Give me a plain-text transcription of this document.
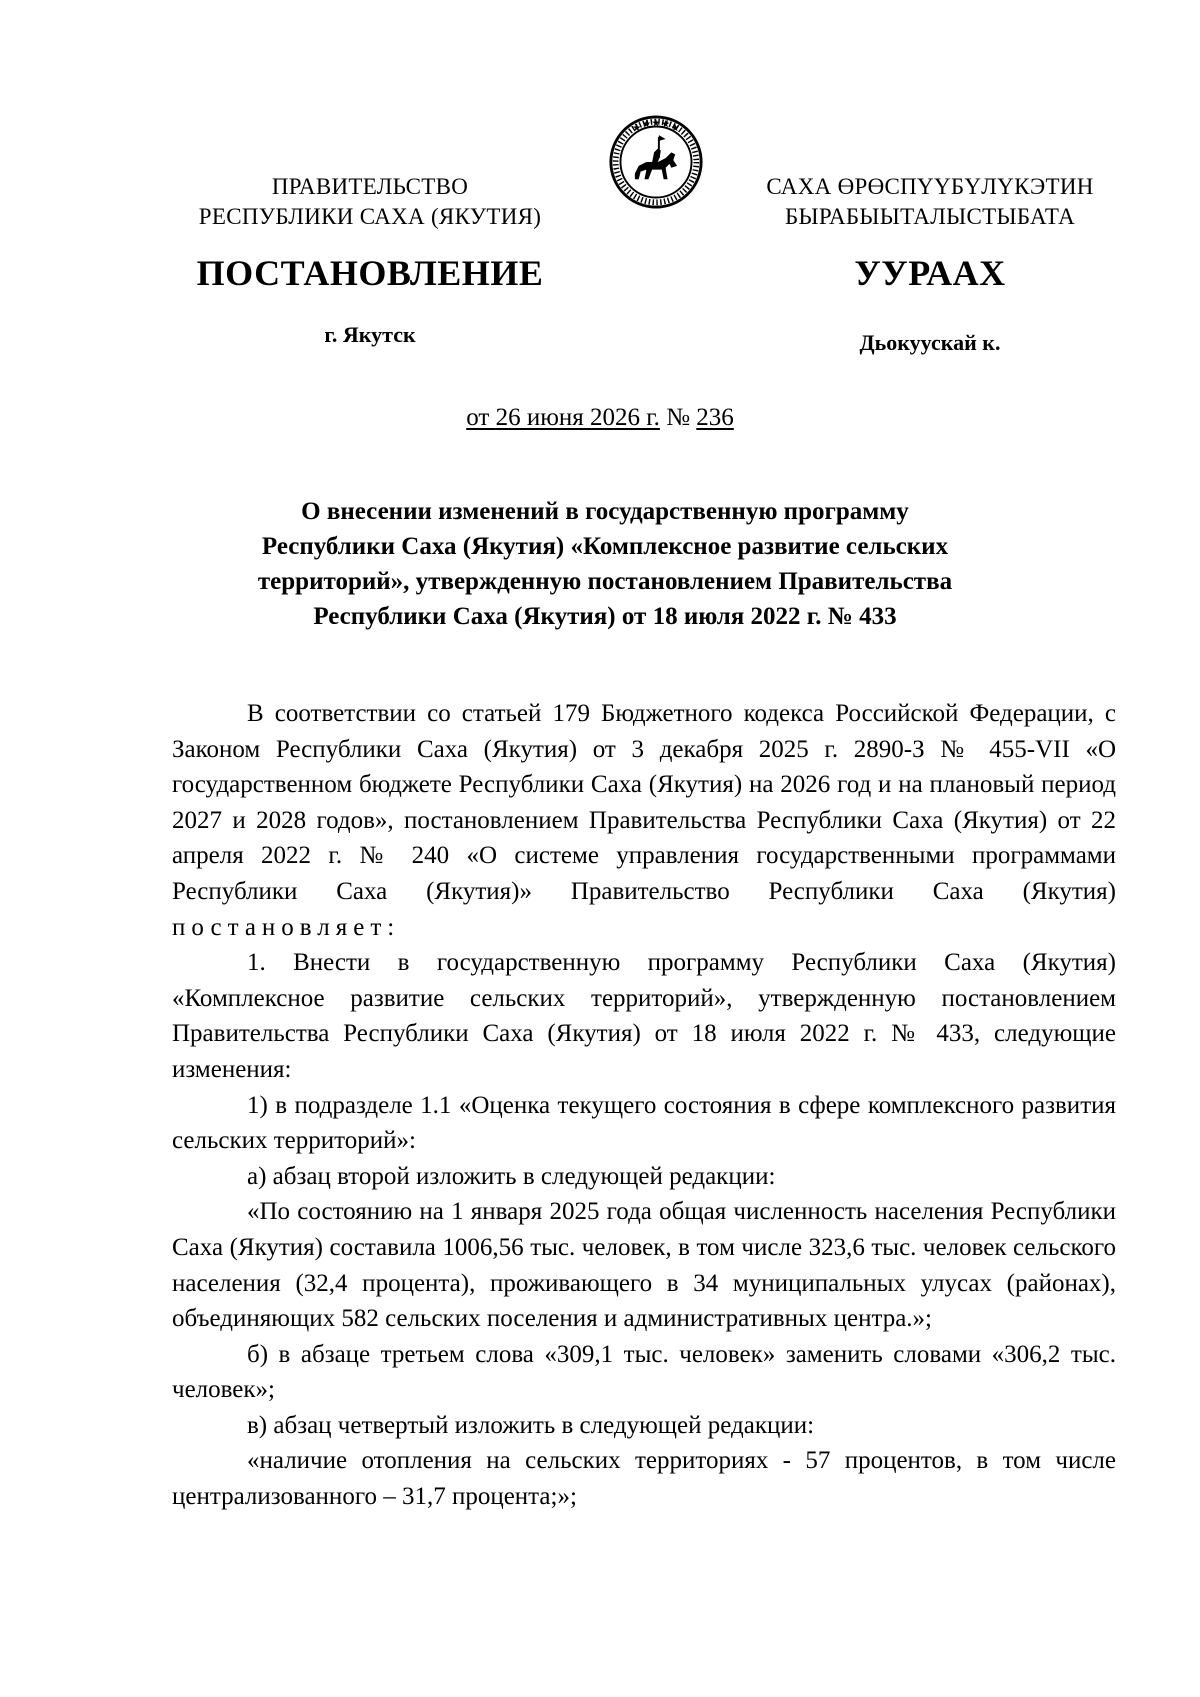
ПРАВИТЕЛЬСТВО
РЕСПУБЛИКИ САХА (ЯКУТИЯ)
САХА ӨРӨСПҮҮБҮЛҮКЭТИН
БЫРАБЫЫТАЛЫСТЫБАТА
ПОСТАНОВЛЕНИЕ	УУРААХ
г. Якутск	Дьокуускай к.
от 26 июня 2026 г. № 236
О внесении изменений в государственную программу
Республики Саха (Якутия) «Комплексное развитие сельских
территорий», утвержденную постановлением Правительства
Республики Саха (Якутия) от 18 июля 2022 г. № 433

В соответствии со статьей 179 Бюджетного кодекса Российской Федерации, с Законом Республики Саха (Якутия) от 3 декабря 2025 г. 2890-З № 455-VII «О государственном бюджете Республики Саха (Якутия) на 2026 год и на плановый период 2027 и 2028 годов», постановлением Правительства Республики Саха (Якутия) от 22 апреля 2022 г. № 240 «О системе управления государственными программами Республики Саха (Якутия)» Правительство Республики Саха (Якутия) постановляет:

1. Внести в государственную программу Республики Саха (Якутия) «Комплексное развитие сельских территорий», утвержденную постановлением Правительства Республики Саха (Якутия) от 18 июля 2022 г. № 433, следующие изменения:

1) в подразделе 1.1 «Оценка текущего состояния в сфере комплексного развития сельских территорий»:

а) абзац второй изложить в следующей редакции:

«По состоянию на 1 января 2025 года общая численность населения Республики Саха (Якутия) составила 1006,56 тыс. человек, в том числе 323,6 тыс. человек сельского населения (32,4 процента), проживающего в 34 муниципальных улусах (районах), объединяющих 582 сельских поселения и административных центра.»;

б) в абзаце третьем слова «309,1 тыс. человек» заменить словами «306,2 тыс. человек»;

в) абзац четвертый изложить в следующей редакции:

«наличие отопления на сельских территориях - 57 процентов, в том числе централизованного – 31,7 процента;»;
